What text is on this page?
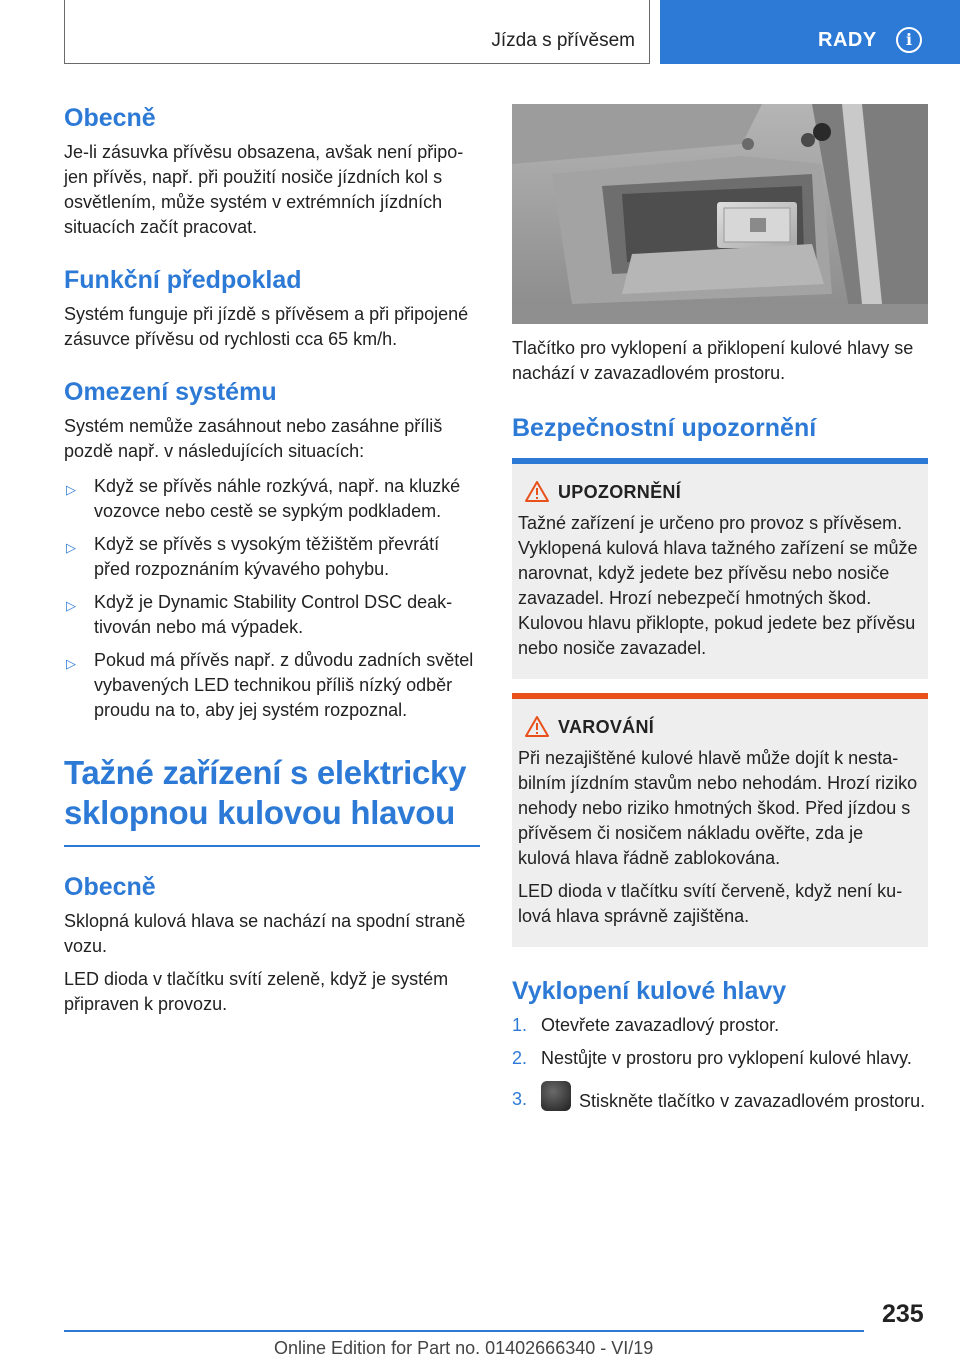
Jízda s přívěsem	RADY	i
Obecně

Je-li zásuvka přívěsu obsazena, avšak není připojen přívěs, např. při použití nosiče jízdních kol s osvětlením, může systém v extrémních jízdních situacích začít pracovat.

Funkční předpoklad

Systém funguje při jízdě s přívěsem a při připojené zásuvce přívěsu od rychlosti cca 65 km/h.

Omezení systému

Systém nemůže zasáhnout nebo zasáhne příliš pozdě např. v následujících situacích:

▷ Když se přívěs náhle rozkývá, např. na kluzké vozovce nebo cestě se sypkým podkladem.
▷ Když se přívěs s vysokým těžištěm převrátí před rozpoznáním kývavého pohybu.
▷ Když je Dynamic Stability Control DSC deaktivován nebo má výpadek.
▷ Pokud má přívěs např. z důvodu zadních světel vybavených LED technikou příliš nízký odběr proudu na to, aby jej systém rozpoznal.
Tažné zařízení s elektricky
sklopnou kulovou hlavou
Obecně

Sklopná kulová hlava se nachází na spodní straně vozu.

LED dioda v tlačítku svítí zeleně, když je systém připraven k provozu.

Tlačítko pro vyklopení a přiklopení kulové hlavy se nachází v zavazadlovém prostoru.

Bezpečnostní upozornění
UPOZORNĚNÍ

Tažné zařízení je určeno pro provoz s přívěsem. Vyklopená kulová hlava tažného zařízení se může narovnat, když jedete bez přívěsu nebo nosiče zavazadel. Hrozí nebezpečí hmotných škod. Kulovou hlavu přiklopte, pokud jedete bez přívěsu nebo nosiče zavazadel.

VAROVÁNÍ

Při nezajištěné kulové hlavě může dojít k nestabilním jízdním stavům nebo nehodám. Hrozí riziko nehody nebo riziko hmotných škod. Před jízdou s přívěsem či nosičem nákladu ověřte, zda je kulová hlava řádně zablokována.

LED dioda v tlačítku svítí červeně, když není kulová hlava správně zajištěna.

Vyklopení kulové hlavy
1. Otevřete zavazadlový prostor.
2. Nestůjte v prostoru pro vyklopení kulové hlavy.
3.	Stiskněte tlačítko v zavazadlovém prostoru.
235
Online Edition for Part no. 01402666340 - VI/19
